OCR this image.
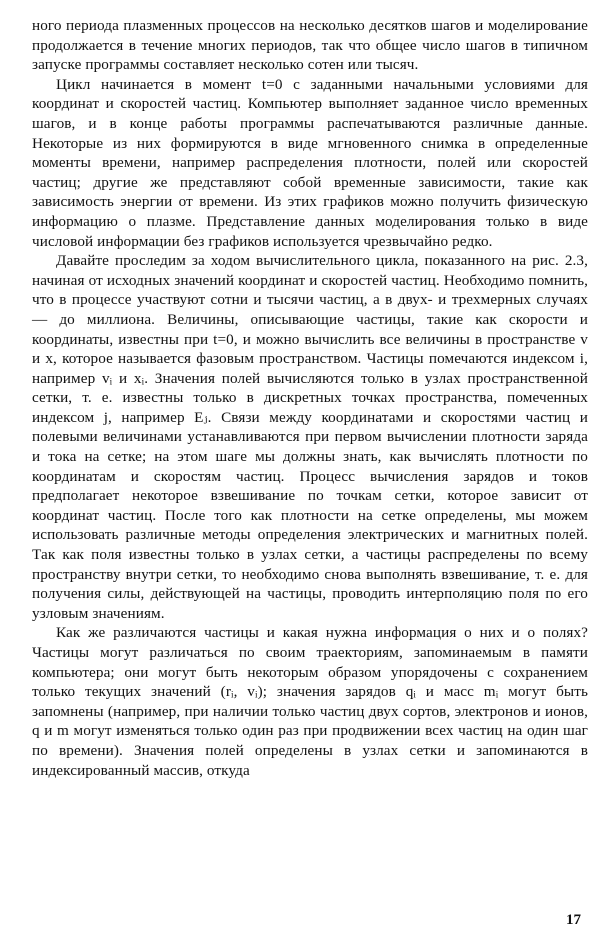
ного периода плазменных процессов на несколько десятков шагов и моделирование продолжается в течение многих периодов, так что общее число шагов в типичном запуске программы составляет несколько сотен или тысяч.

Цикл начинается в момент t=0 с заданными начальными условиями для координат и скоростей частиц. Компьютер выполняет заданное число временных шагов, и в конце работы программы распечатываются различные данные. Некоторые из них формируются в виде мгновенного снимка в определенные моменты времени, например распределения плотности, полей или скоростей частиц; другие же представляют собой временные зависимости, такие как зависимость энергии от времени. Из этих графиков можно получить физическую информацию о плазме. Представление данных моделирования только в виде числовой информации без графиков используется чрезвычайно редко.

Давайте проследим за ходом вычислительного цикла, показанного на рис. 2.3, начиная от исходных значений координат и скоростей частиц. Необходимо помнить, что в процессе участвуют сотни и тысячи частиц, а в двух- и трехмерных случаях — до миллиона. Величины, описывающие частицы, такие как скорости и координаты, известны при t=0, и можно вычислить все величины в пространстве v и x, которое называется фазовым пространством. Частицы помечаются индексом i, например vᵢ и xᵢ. Значения полей вычисляются только в узлах пространственной сетки, т. е. известны только в дискретных точках пространства, помеченных индексом j, например Eⱼ. Связи между координатами и скоростями частиц и полевыми величинами устанавливаются при первом вычислении плотности заряда и тока на сетке; на этом шаге мы должны знать, как вычислять плотности по координатам и скоростям частиц. Процесс вычисления зарядов и токов предполагает некоторое взвешивание по точкам сетки, которое зависит от координат частиц. После того как плотности на сетке определены, мы можем использовать различные методы определения электрических и магнитных полей. Так как поля известны только в узлах сетки, а частицы распределены по всему пространству внутри сетки, то необходимо снова выполнять взвешивание, т. е. для получения силы, действующей на частицы, проводить интерполяцию поля по его узловым значениям.

Как же различаются частицы и какая нужна информация о них и о полях? Частицы могут различаться по своим траекториям, запоминаемым в памяти компьютера; они могут быть некоторым образом упорядочены с сохранением только текущих значений (rᵢ, vᵢ); значения зарядов qᵢ и масс mᵢ могут быть запомнены (например, при наличии только частиц двух сортов, электронов и ионов, q и m могут изменяться только один раз при продвижении всех частиц на один шаг по времени). Значения полей определены в узлах сетки и запоминаются в индексированный массив, откуда

17
